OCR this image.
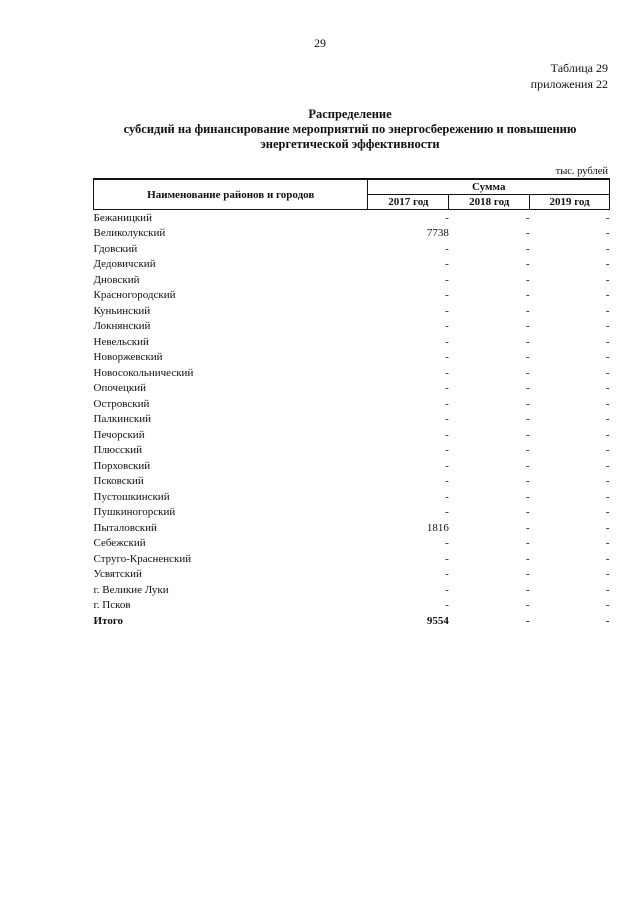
29
Таблица 29
приложения 22
Распределение
субсидий на финансирование мероприятий по энергосбережению и повышению
энергетической эффективности
тыс. рублей
Наименование районов и городов	Сумма		
	2017 год	2018 год	2019 год
Бежаницкий	-	-	-
Великолукский	7738	-	-
Гдовский	-	-	-
Дедовичский	-	-	-
Дновский	-	-	-
Красногородский	-	-	-
Куньинский	-	-	-
Локнянский	-	-	-
Невельский	-	-	-
Новоржевский	-	-	-
Новосокольнический	-	-	-
Опочецкий	-	-	-
Островский	-	-	-
Палкинский	-	-	-
Печорский	-	-	-
Плюсский	-	-	-
Порховский	-	-	-
Псковский	-	-	-
Пустошкинский	-	-	-
Пушкиногорский	-	-	-
Пыталовский	1816	-	-
Себежский	-	-	-
Струго-Красненский	-	-	-
Усвятский	-	-	-
г. Великие Луки	-	-	-
г. Псков	-	-	-
Итого	9554	-	-
